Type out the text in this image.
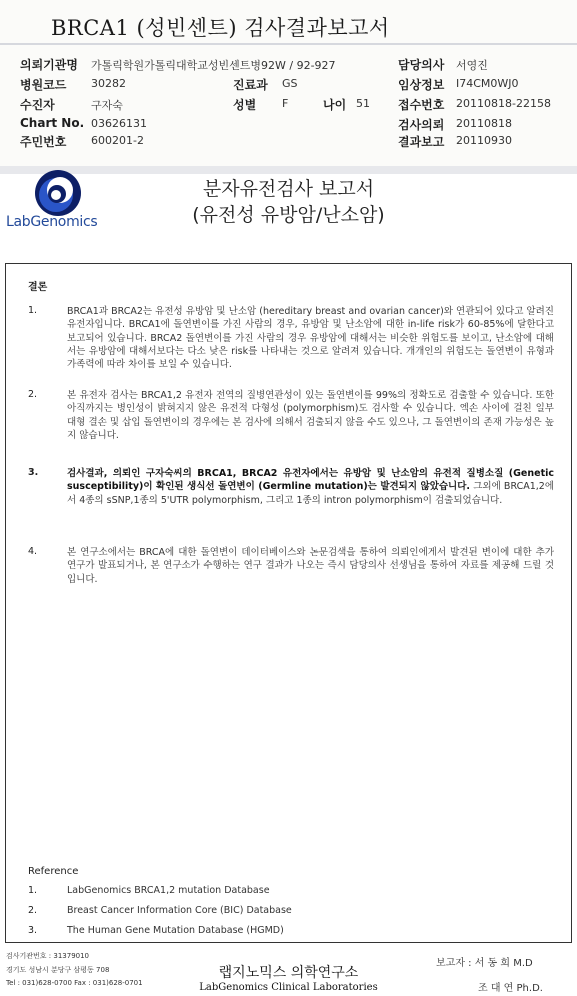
BRCA1 (성빈센트) 검사결과보고서
의뢰기관명 가톨릭학원가톨릭대학교성빈센트병92W / 92-927	담당의사 서영진
병원코드 30282	진료과 GS	임상정보 I74CM0WJ0
수진자	구자숙	성별 F	나이 51 접수번호 20110818-22158
Chart No. 03626131	검사의뢰 20110818
주민번호 600201-2	결과보고 20110930
LabGenomics
분자유전검사 보고서
(유전성 유방암/난소암)
결론
1.	BRCA1과 BRCA2는 유전성 유방암 및 난소암 (hereditary breast and ovarian cancer)와 연관되어 있다고 알려진 유전자입니다. BRCA1에 돌연변이를 가진 사람의 경우, 유방암 및 난소암에 대한 in-life risk가 60-85%에 달한다고 보고되어 있습니다. BRCA2 돌연변이를 가진 사람의 경우 유방암에 대해서는 비슷한 위험도를 보이고, 난소암에 대해서는 유방암에 대해서보다는 다소 낮은 risk를 나타내는 것으로 알려져 있습니다. 개개인의 위험도는 돌연변이 유형과 가족력에 따라 차이를 보일 수 있습니다.
2.	본 유전자 검사는 BRCA1,2 유전자 전역의 질병연관성이 있는 돌연변이를 99%의 정확도로 검출할 수 있습니다. 또한 아직까지는 병인성이 밝혀지지 않은 유전적 다형성 (polymorphism)도 검사할 수 있습니다. 엑손 사이에 걸친 일부 대형 결손 및 삽입 돌연변이의 경우에는 본 검사에 의해서 검출되지 않을 수도 있으나, 그 돌연변이의 존재 가능성은 높지 않습니다.
3.	검사결과, 의뢰인 구자숙씨의 BRCA1, BRCA2 유전자에서는 유방암 및 난소암의 유전적 질병소질 (Genetic susceptibility)이 확인된 생식선 돌연변이 (Germline mutation)는 발견되지 않았습니다. 그외에 BRCA1,2에서 4종의 sSNP,1종의 5'UTR polymorphism, 그리고 1종의 intron polymorphism이 검출되었습니다.
4.	본 연구소에서는 BRCA에 대한 돌연변이 데이터베이스와 논문검색을 통하여 의뢰인에게서 발견된 변이에 대한 추가 연구가 발표되거나, 본 연구소가 수행하는 연구 결과가 나오는 즉시 담당의사 선생님을 통하여 자료를 제공해 드릴 것입니다.
Reference
1.	LabGenomics BRCA1,2 mutation Database
2.	Breast Cancer Information Core (BIC) Database
3.	The Human Gene Mutation Database (HGMD)
검사기관번호 : 31379010
경기도 성남시 분당구 삼평동 708
Tel : 031)628-0700 Fax : 031)628-0701
랩지노믹스 의학연구소
LabGenomics Clinical Laboratories
보고자 : 서 동 희 M.D
조 대 연 Ph.D.
